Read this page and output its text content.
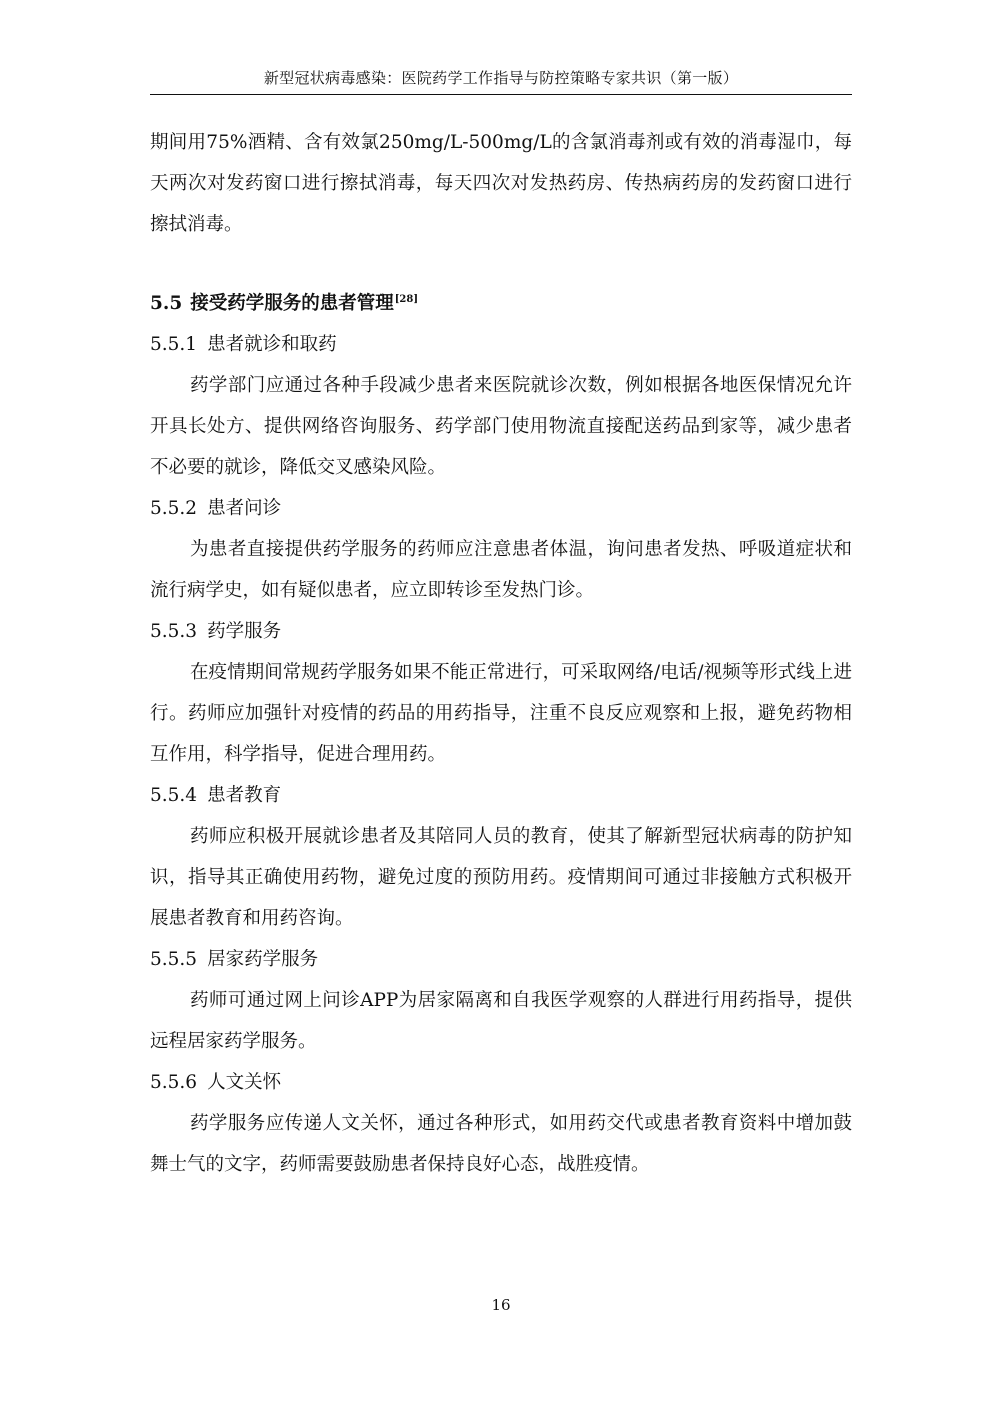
新型冠状病毒感染：医院药学工作指导与防控策略专家共识（第一版）

期间用75%酒精、含有效氯250mg/L-500mg/L的含氯消毒剂或有效的消毒湿巾，每天两次对发药窗口进行擦拭消毒，每天四次对发热药房、传热病药房的发药窗口进行擦拭消毒。

5.5 接受药学服务的患者管理[28]
5.5.1 患者就诊和取药

药学部门应通过各种手段减少患者来医院就诊次数，例如根据各地医保情况允许开具长处方、提供网络咨询服务、药学部门使用物流直接配送药品到家等，减少患者不必要的就诊，降低交叉感染风险。

5.5.2 患者问诊

为患者直接提供药学服务的药师应注意患者体温，询问患者发热、呼吸道症状和流行病学史，如有疑似患者，应立即转诊至发热门诊。

5.5.3 药学服务

在疫情期间常规药学服务如果不能正常进行，可采取网络/电话/视频等形式线上进行。药师应加强针对疫情的药品的用药指导，注重不良反应观察和上报，避免药物相互作用，科学指导，促进合理用药。

5.5.4 患者教育

药师应积极开展就诊患者及其陪同人员的教育，使其了解新型冠状病毒的防护知识，指导其正确使用药物，避免过度的预防用药。疫情期间可通过非接触方式积极开展患者教育和用药咨询。

5.5.5 居家药学服务

药师可通过网上问诊APP为居家隔离和自我医学观察的人群进行用药指导，提供远程居家药学服务。

5.5.6 人文关怀

药学服务应传递人文关怀，通过各种形式，如用药交代或患者教育资料中增加鼓舞士气的文字，药师需要鼓励患者保持良好心态，战胜疫情。

16
